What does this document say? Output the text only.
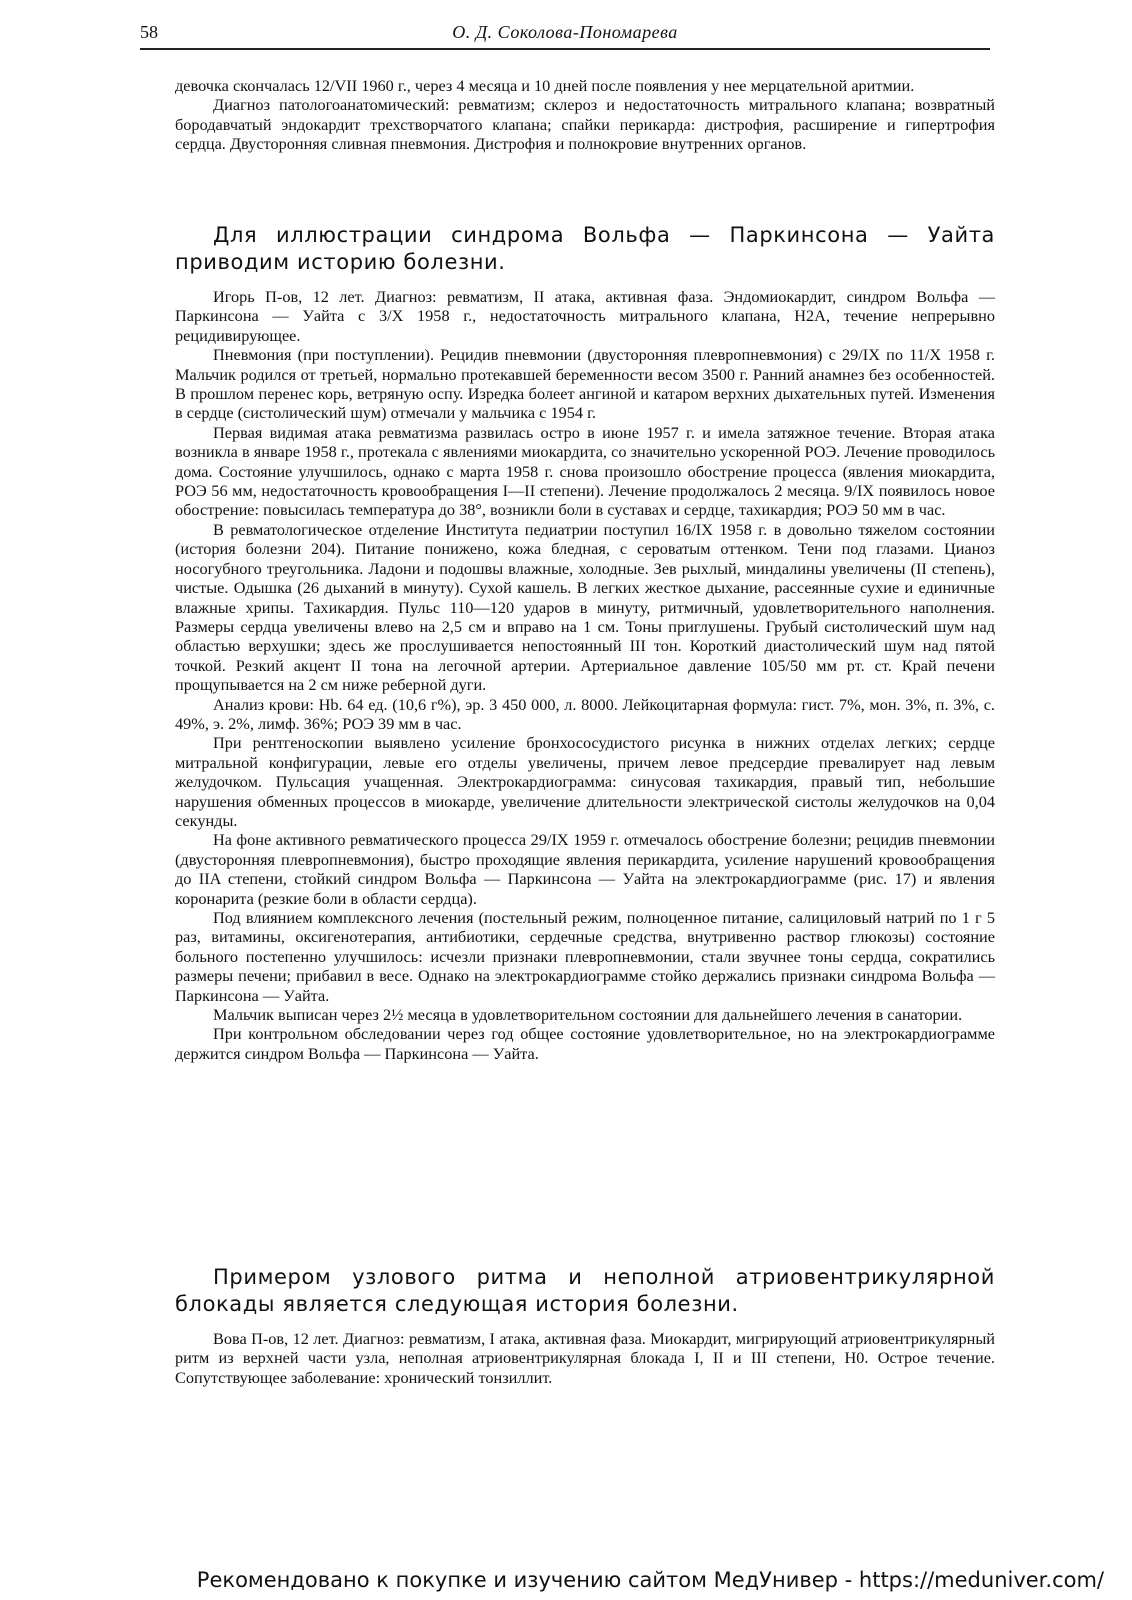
58	О. Д. Соколова-Пономарева

девочка скончалась 12/VII 1960 г., через 4 месяца и 10 дней после появления у нее мерцательной аритмии.

Диагноз патологоанатомический: ревматизм; склероз и недостаточность митрального клапана; возвратный бородавчатый эндокардит трехстворчатого клапана; спайки перикарда: дистрофия, расширение и гипертрофия сердца. Двусторонняя сливная пневмония. Дистрофия и полнокровие внутренних органов.

Для иллюстрации синдрома Вольфа — Паркинсона — Уайта приводим историю болезни.

Игорь П-ов, 12 лет. Диагноз: ревматизм, II атака, активная фаза. Эндомиокардит, синдром Вольфа — Паркинсона — Уайта с 3/X 1958 г., недостаточность митрального клапана, H2A, течение непрерывно рецидивирующее.

Пневмония (при поступлении). Рецидив пневмонии (двусторонняя плевропневмония) с 29/IX по 11/X 1958 г. Мальчик родился от третьей, нормально протекавшей беременности весом 3500 г. Ранний анамнез без особенностей. В прошлом перенес корь, ветряную оспу. Изредка болеет ангиной и катаром верхних дыхательных путей. Изменения в сердце (систолический шум) отмечали у мальчика с 1954 г.

Первая видимая атака ревматизма развилась остро в июне 1957 г. и имела затяжное течение. Вторая атака возникла в январе 1958 г., протекала с явлениями миокардита, со значительно ускоренной РОЭ. Лечение проводилось дома. Состояние улучшилось, однако с марта 1958 г. снова произошло обострение процесса (явления миокардита, РОЭ 56 мм, недостаточность кровообращения I—II степени). Лечение продолжалось 2 месяца. 9/IX появилось новое обострение: повысилась температура до 38°, возникли боли в суставах и сердце, тахикардия; РОЭ 50 мм в час.

В ревматологическое отделение Института педиатрии поступил 16/IX 1958 г. в довольно тяжелом состоянии (история болезни 204). Питание понижено, кожа бледная, с сероватым оттенком. Тени под глазами. Цианоз носогубного треугольника. Ладони и подошвы влажные, холодные. Зев рыхлый, миндалины увеличены (II степень), чистые. Одышка (26 дыханий в минуту). Сухой кашель. В легких жесткое дыхание, рассеянные сухие и единичные влажные хрипы. Тахикардия. Пульс 110—120 ударов в минуту, ритмичный, удовлетворительного наполнения. Размеры сердца увеличены влево на 2,5 см и вправо на 1 см. Тоны приглушены. Грубый систолический шум над областью верхушки; здесь же прослушивается непостоянный III тон. Короткий диастолический шум над пятой точкой. Резкий акцент II тона на легочной артерии. Артериальное давление 105/50 мм рт. ст. Край печени прощупывается на 2 см ниже реберной дуги.

Анализ крови: Hb. 64 ед. (10,6 г%), эр. 3 450 000, л. 8000. Лейкоцитарная формула: гист. 7%, мон. 3%, п. 3%, с. 49%, э. 2%, лимф. 36%; РОЭ 39 мм в час.

При рентгеноскопии выявлено усиление бронхососудистого рисунка в нижних отделах легких; сердце митральной конфигурации, левые его отделы увеличены, причем левое предсердие превалирует над левым желудочком. Пульсация учащенная. Электрокардиограмма: синусовая тахикардия, правый тип, небольшие нарушения обменных процессов в миокарде, увеличение длительности электрической систолы желудочков на 0,04 секунды.

На фоне активного ревматического процесса 29/IX 1959 г. отмечалось обострение болезни; рецидив пневмонии (двусторонняя плевропневмония), быстро проходящие явления перикардита, усиление нарушений кровообращения до IIA степени, стойкий синдром Вольфа — Паркинсона — Уайта на электрокардиограмме (рис. 17) и явления коронарита (резкие боли в области сердца).

Под влиянием комплексного лечения (постельный режим, полноценное питание, салициловый натрий по 1 г 5 раз, витамины, оксигенотерапия, антибиотики, сердечные средства, внутривенно раствор глюкозы) состояние больного постепенно улучшилось: исчезли признаки плевропневмонии, стали звучнее тоны сердца, сократились размеры печени; прибавил в весе. Однако на электрокардиограмме стойко держались признаки синдрома Вольфа — Паркинсона — Уайта.

Мальчик выписан через 2½ месяца в удовлетворительном состоянии для дальнейшего лечения в санатории.

При контрольном обследовании через год общее состояние удовлетворительное, но на электрокардиограмме держится синдром Вольфа — Паркинсона — Уайта.

Примером узлового ритма и неполной атриовентрикулярной блокады является следующая история болезни.

Вова П-ов, 12 лет. Диагноз: ревматизм, I атака, активная фаза. Миокардит, мигрирующий атриовентрикулярный ритм из верхней части узла, неполная атриовентрикулярная блокада I, II и III степени, H0. Острое течение. Сопутствующее заболевание: хронический тонзиллит.

Рекомендовано к покупке и изучению сайтом МедУнивер - https://meduniver.com/
